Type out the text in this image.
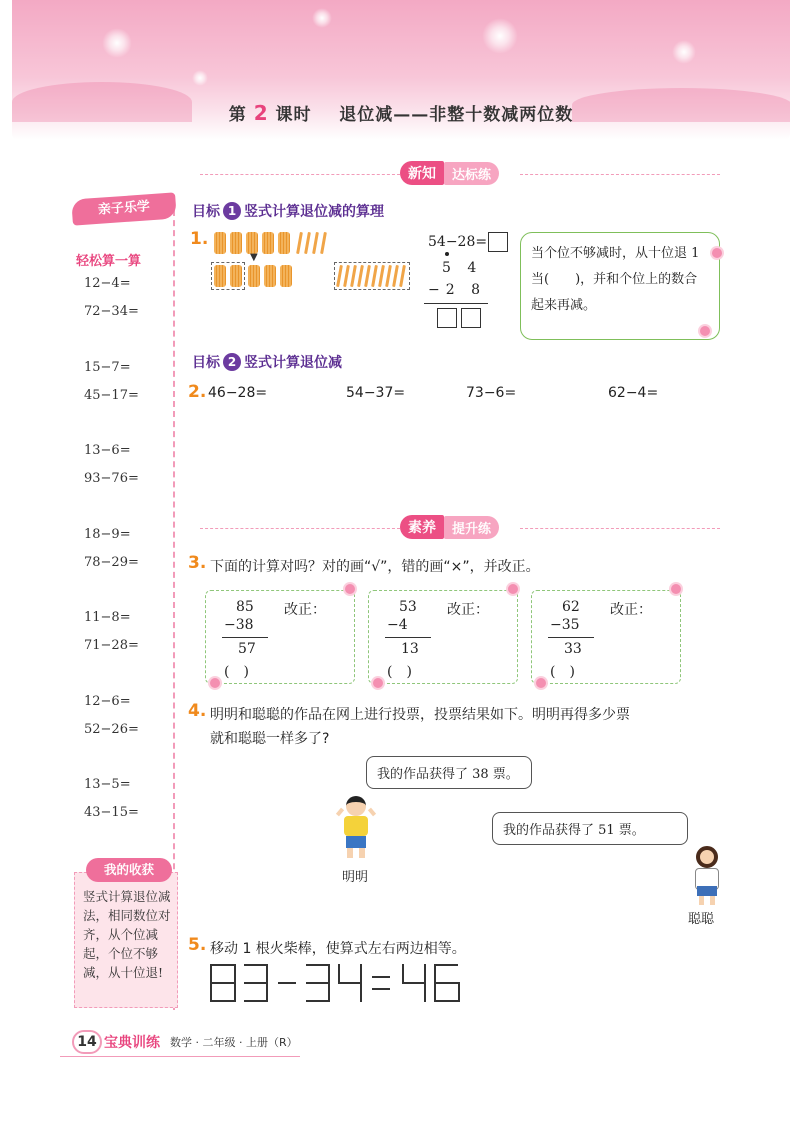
第 2 课时 退位减——非整十数减两位数
亲子乐学
轻松算一算
12−4=
72−34=
15−7=
45−17=
13−6=
93−76=
18−9=
78−29=
11−8=
71−28=
12−6=
52−26=
13−5=
43−15=
竖式计算退位减法，相同数位对齐，从个位减起，个位不够减，从十位退!
我的收获
新知	达标练
目标 1 竖式计算退位减的算理
1.
▼
54−28=
5 4
−2 8
当个位不够减时，从十位退 1 当(　　)，并和个位上的数合起来再减。
目标 2 竖式计算退位减
2. 46−28=	54−37=	73−6=	62−4=
素养	提升练
3. 下面的计算对吗？对的画“√”，错的画“×”，并改正。
85
−38
57
(　)
改正：	53
−4
13
(　)
改正：	62
−35
33
(　)
改正：
4. 明明和聪聪的作品在网上进行投票，投票结果如下。明明再得多少票
就和聪聪一样多了?
我的作品获得了 38 票。
我的作品获得了 51 票。
明明
聪聪
5. 移动 1 根火柴棒，使算式左右两边相等。
14 宝典训练 数学 · 二年级 · 上册（R）
